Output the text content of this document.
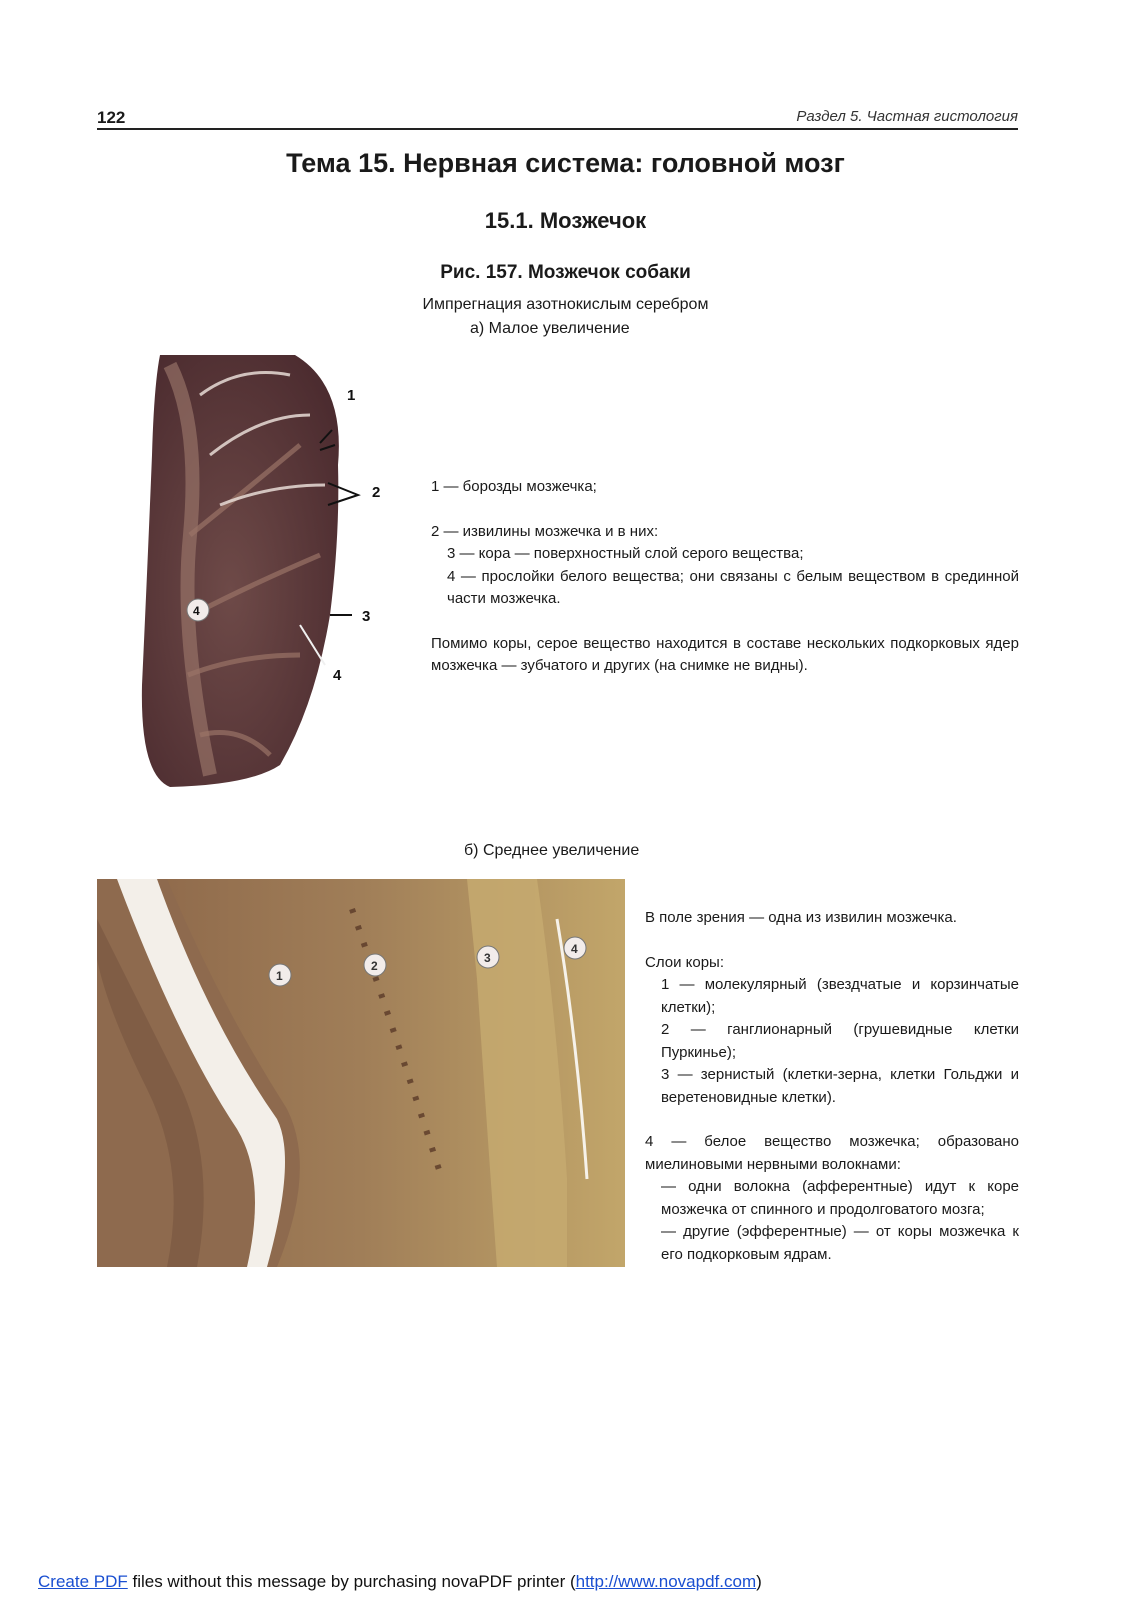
122	Раздел 5. Частная гистология
Тема 15. Нервная система: головной мозг
15.1. Мозжечок
Рис. 157. Мозжечок собаки
Импрегнация азотнокислым серебром
а) Малое увеличение
1
2
3
4
4

1 — борозды мозжечка;

2 — извилины мозжечка и в них:

3 — кора — поверхностный слой серого вещества;

4 — прослойки белого вещества; они связаны с белым веществом в срединной части мозжечка.

Помимо коры, серое вещество находится в составе нескольких подкорковых ядер мозжечка — зубчатого и других (на снимке не видны).

б) Среднее увеличение
1
2
3
4

В поле зрения — одна из извилин мозжечка.

Слои коры:

1 — молекулярный (звездчатые и корзинчатые клетки);

2 — ганглионарный (грушевидные клетки Пуркинье);

3 — зернистый (клетки-зерна, клетки Гольджи и веретеновидные клетки).

4 — белое вещество мозжечка; образовано миелиновыми нервными волокнами:

— одни волокна (афферентные) идут к коре мозжечка от спинного и продолговатого мозга;

— другие (эфферентные) — от коры мозжечка к его подкорковым ядрам.

Create PDF files without this message by purchasing novaPDF printer (http://www.novapdf.com)
